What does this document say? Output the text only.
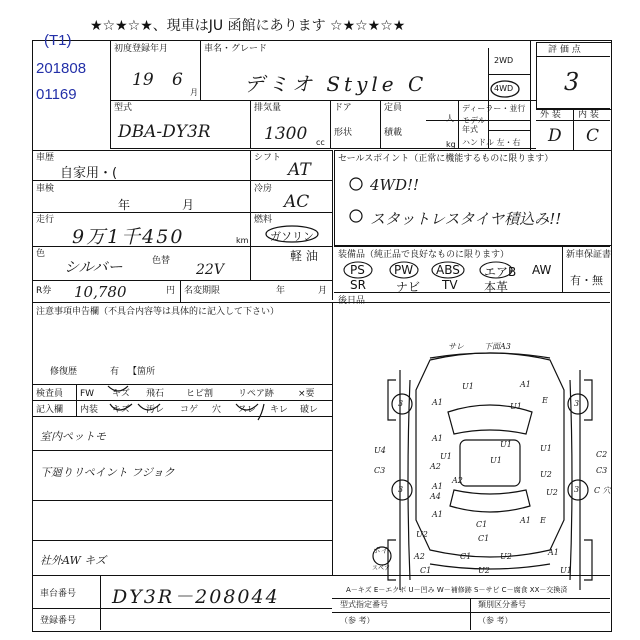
★☆★☆★、現車はJU 函館にあります ☆★☆★☆★
(T1)
201808
01169
初度登録年月
19 6
月
車名・グレード
デミオ Style C
2WD
4WD
評 価 点
3
外 装 内 装
D C
型式
DBA-DY3R
排気量
1300 cc
ドア
形状
定員
人
積載
kg
ディーラー・並行
モデル
年式
ハンドル 左・右
車歴
自家用・(
シフト
AT
車検
年	月
冷房
AC
走行
9万1千450	km
燃料
ガソリン
軽 油
色
シルバー	色替
22V
R券 10,780	円 名変期限	年	月
セールスポイント（正常に機能するものに限ります）
4WD!!
スタットレスタイヤ積込み!!
装備品（純正品で良好なものに限ります）	新車保証書
有・無
PS PW ABS エアB AW
SR	ナビ TV 本革
後日品
注意事項申告欄（不具合内容等は具体的に記入して下さい）
修復歴	有 【箇所
検査員
記入欄
FW キズ 飛石 ヒビ割	リペア跡	×要
内装 キズ 汚レ コゲ 穴 スレ キレ 破レ
室内ペットモ
下廻りリペイント フジョク
社外AW キズ
車台番号 DY3R－208044
登録番号
型式指定番号	類別区分番号
（参 考）	（参 考）
A－キズ E－エクボ U－凹み W－補修跡 S－サビ C－腐食 XX－交換済
サレ	下面A3
3	3
3	3
A1
A1
E
U1
U1
U1
U1	U1
U1
A1
A1
U4
C3	C3
C2
A2
A2
A4
U2
U2
A1
A1 E
U2
C1
C1
A2	C1	U2	A1
U2
C1	U1
ホイ
スペア
C 穴
